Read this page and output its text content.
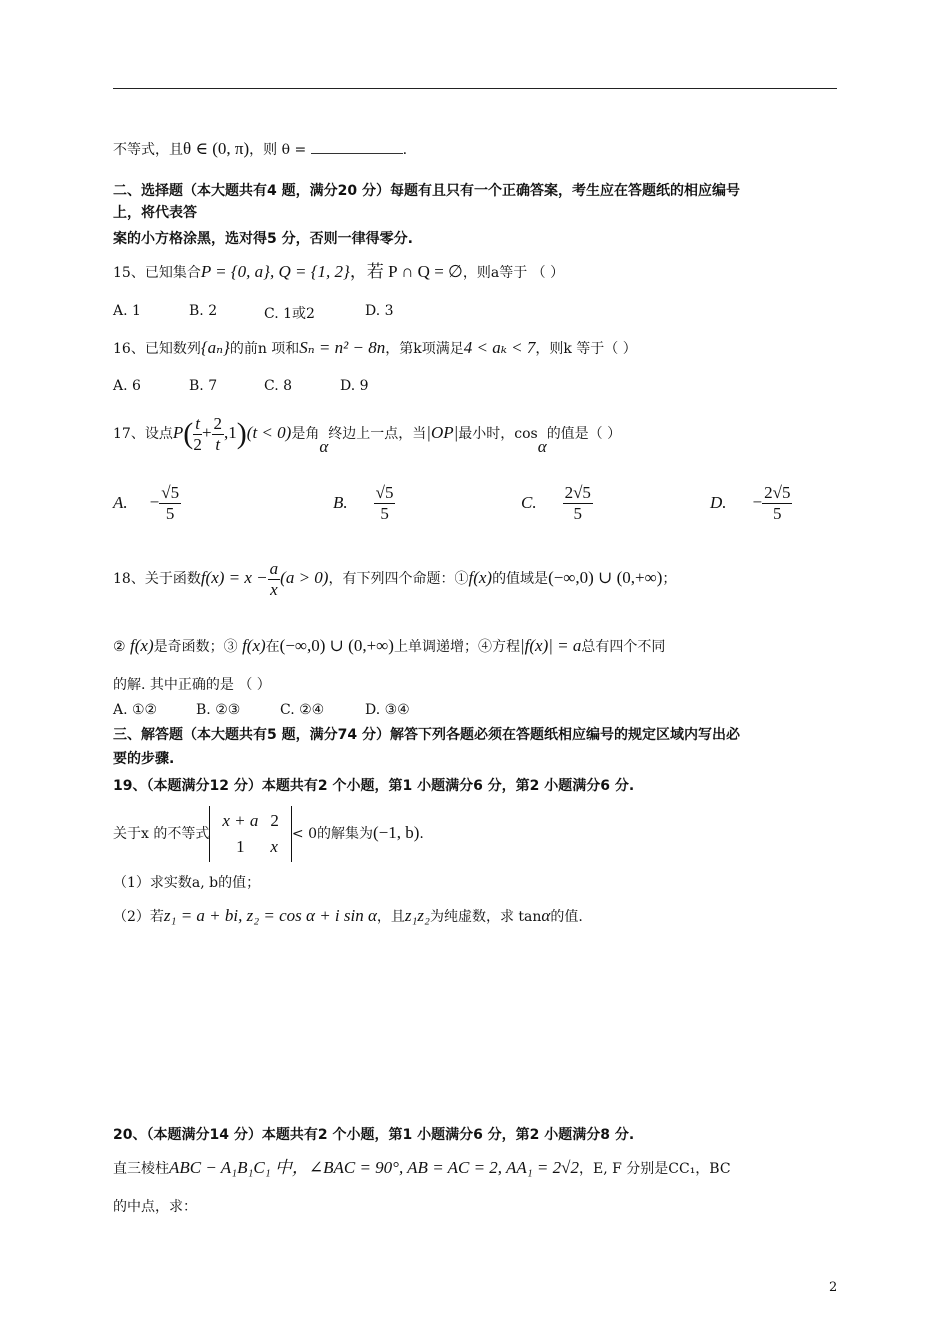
不等式，且θ ∈ (0, π)，则 θ =	.
二、选择题（本大题共有4 题，满分20 分）每题有且只有一个正确答案，考生应在答题纸的相应编号
上，将代表答
案的小方格涂黑，选对得5 分，否则一律得零分.
15、已知集合P = {0, a}, Q = {1, 2}，若 P ∩ Q = ∅，则a等于 （ ）
A. 1	B. 2	C. 1或2	D. 3
16、已知数列{aₙ}的前n 项和Sₙ = n² − 8n，第k项满足4 < aₖ < 7，则k 等于（ ）
A. 6	B. 7	C. 8	D. 9
17、设点$P( \frac{t}{2} + \frac{2}{t} ,1)(t < 0)$是角α终边上一点，当|OP|最小时，cosα的值是（ ）
A. − $\frac{√5}{5}$	B. $\frac{√5}{5}$	C. $\frac{2√5}{5}$	D. − $\frac{2√5}{5}$
18、关于函数$f(x) = x - \frac{a}{x} (a > 0)$，有下列四个命题：①f(x)的值域是(−∞,0) ∪ (0,+∞)；
② f(x)是奇函数；③ f(x)在(−∞,0) ∪ (0,+∞)上单调递增；④方程|f(x)| = a总有四个不同
的解. 其中正确的是 （ ）
A. ①②	B. ②③	C. ②④	D. ③④
三、解答题（本大题共有5 题，满分74 分）解答下列各题必须在答题纸相应编号的规定区域内写出必
要的步骤.
19、（本题满分12 分）本题共有2 个小题，第1 小题满分6 分，第2 小题满分6 分.
关于x 的不等式
x + a	2
1	x
< 0的解集为(−1, b).
（1）求实数a, b的值；
（2）若z₁ = a + bi, z₂ = cos α + i sin α，且z₁z₂为纯虚数，求 tanα的值.
20、（本题满分14 分）本题共有2 个小题，第1 小题满分6 分，第2 小题满分8 分.
直三棱柱ABC − A₁B₁C₁ 中，∠BAC = 90°, AB = AC = 2, AA₁ = 2√2，E, F 分别是CC₁，BC
的中点，求：
2
